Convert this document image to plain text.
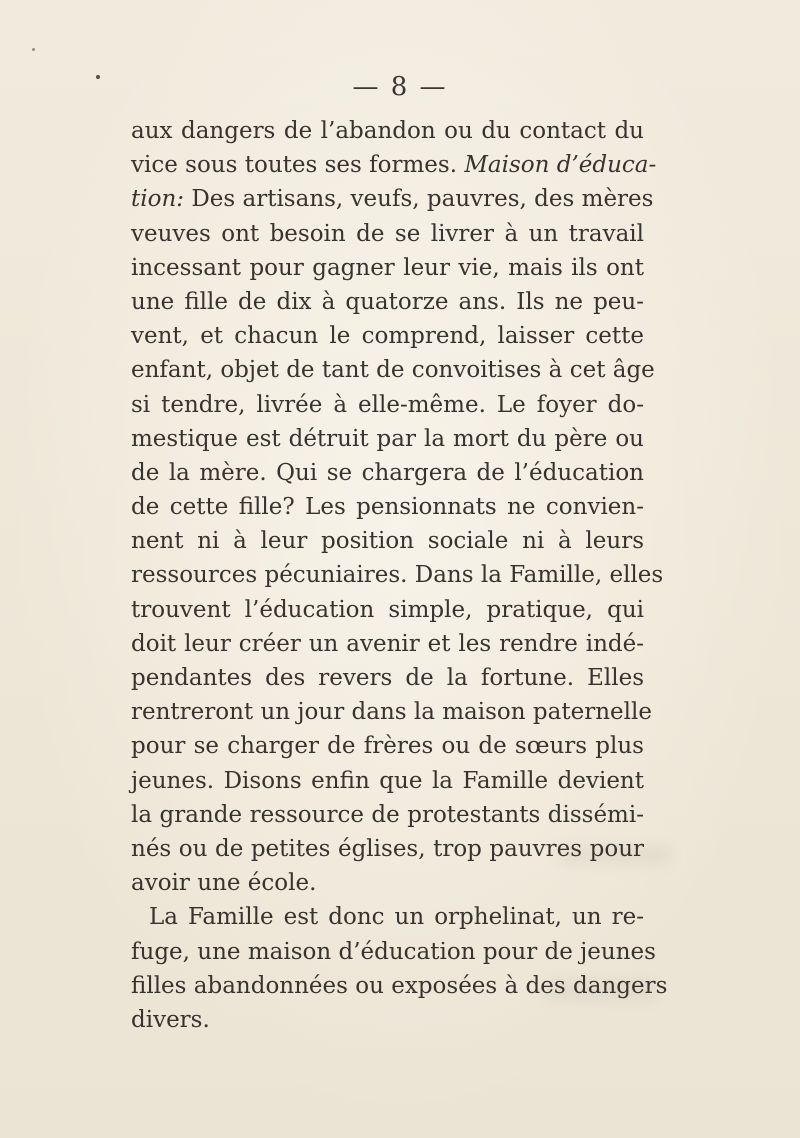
— 8 —
aux dangers de l’abandon ou du contact du
vice sous toutes ses formes. Maison d’éduca-
tion: Des artisans, veufs, pauvres, des mères
veuves ont besoin de se livrer à un travail
incessant pour gagner leur vie, mais ils ont
une fille de dix à quatorze ans. Ils ne peu-
vent, et chacun le comprend, laisser cette
enfant, objet de tant de convoitises à cet âge
si tendre, livrée à elle-même. Le foyer do-
mestique est détruit par la mort du père ou
de la mère. Qui se chargera de l’éducation
de cette fille? Les pensionnats ne convien-
nent ni à leur position sociale ni à leurs
ressources pécuniaires. Dans la Famille, elles
trouvent l’éducation simple, pratique, qui
doit leur créer un avenir et les rendre indé-
pendantes des revers de la fortune. Elles
rentreront un jour dans la maison paternelle
pour se charger de frères ou de sœurs plus
jeunes. Disons enfin que la Famille devient
la grande ressource de protestants dissémi-
nés ou de petites églises, trop pauvres pour
avoir une école.
La Famille est donc un orphelinat, un re-
fuge, une maison d’éducation pour de jeunes
filles abandonnées ou exposées à des dangers
divers.
